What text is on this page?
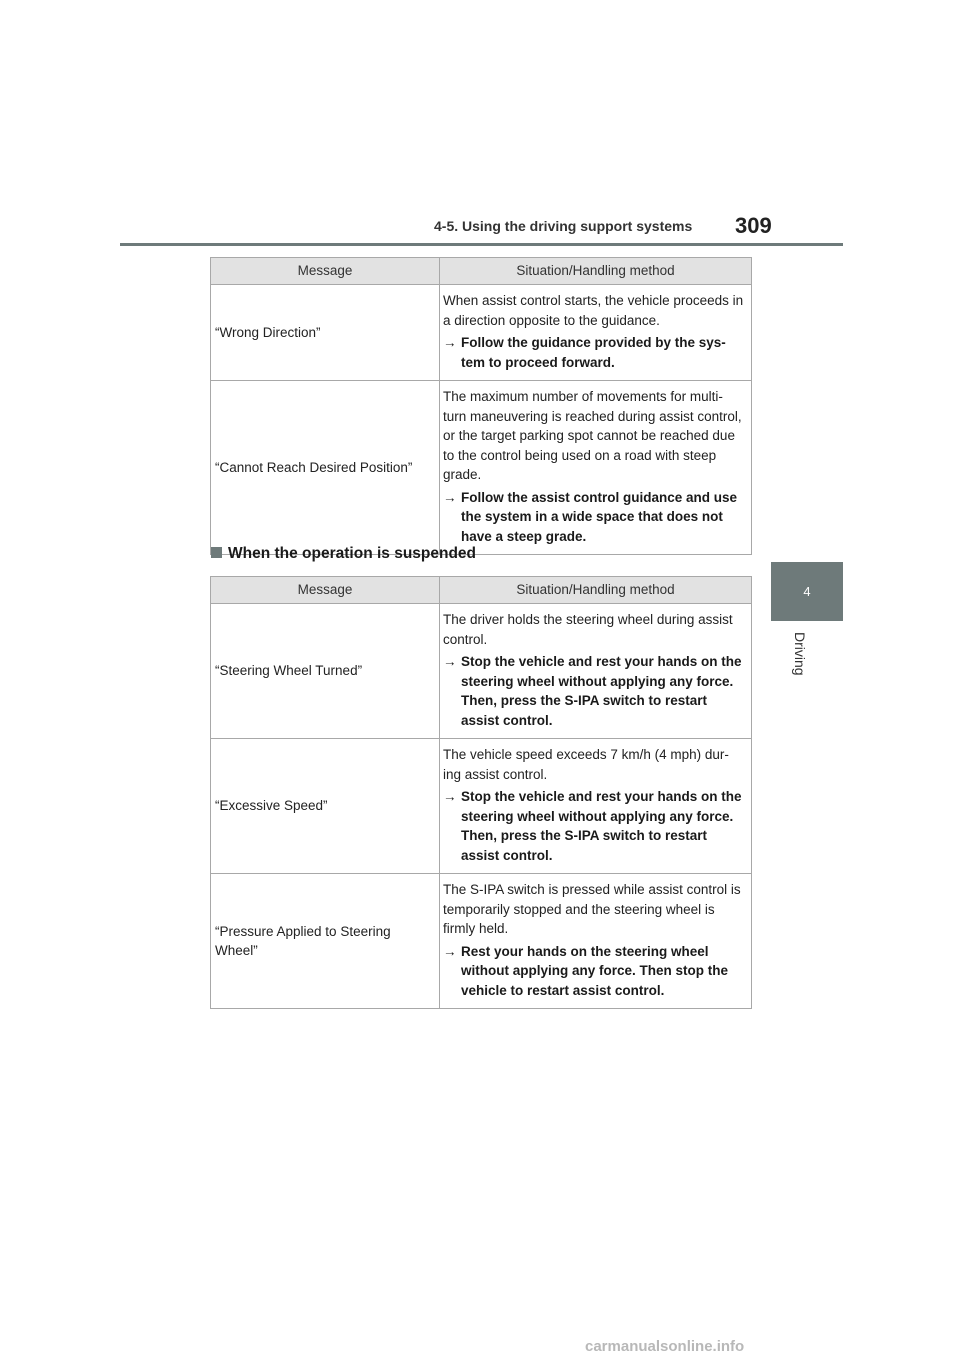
4-5. Using the driving support systems 309
4
Driving
Message	Situation/Handling method
“Wrong Direction”	When assist control starts, the vehicle proceeds in a direction opposite to the guidance.
→ Follow the guidance provided by the sys-tem to proceed forward.

“Cannot Reach Desired Position”	The maximum number of movements for multi-turn maneuvering is reached during assist control, or the target parking spot cannot be reached due to the control being used on a road with steep grade.
→ Follow the assist control guidance and use the system in a wide space that does not have a steep grade.
When the operation is suspended
Message	Situation/Handling method
“Steering Wheel Turned”	The driver holds the steering wheel during assist control.
→ Stop the vehicle and rest your hands on the steering wheel without applying any force. Then, press the S-IPA switch to restart assist control.

“Excessive Speed”	The vehicle speed exceeds 7 km/h (4 mph) dur-ing assist control.
→ Stop the vehicle and rest your hands on the steering wheel without applying any force. Then, press the S-IPA switch to restart assist control.

“Pressure Applied to Steering Wheel”	The S-IPA switch is pressed while assist control is temporarily stopped and the steering wheel is firmly held.
→ Rest your hands on the steering wheel without applying any force. Then stop the vehicle to restart assist control.
carmanualsonline.info
